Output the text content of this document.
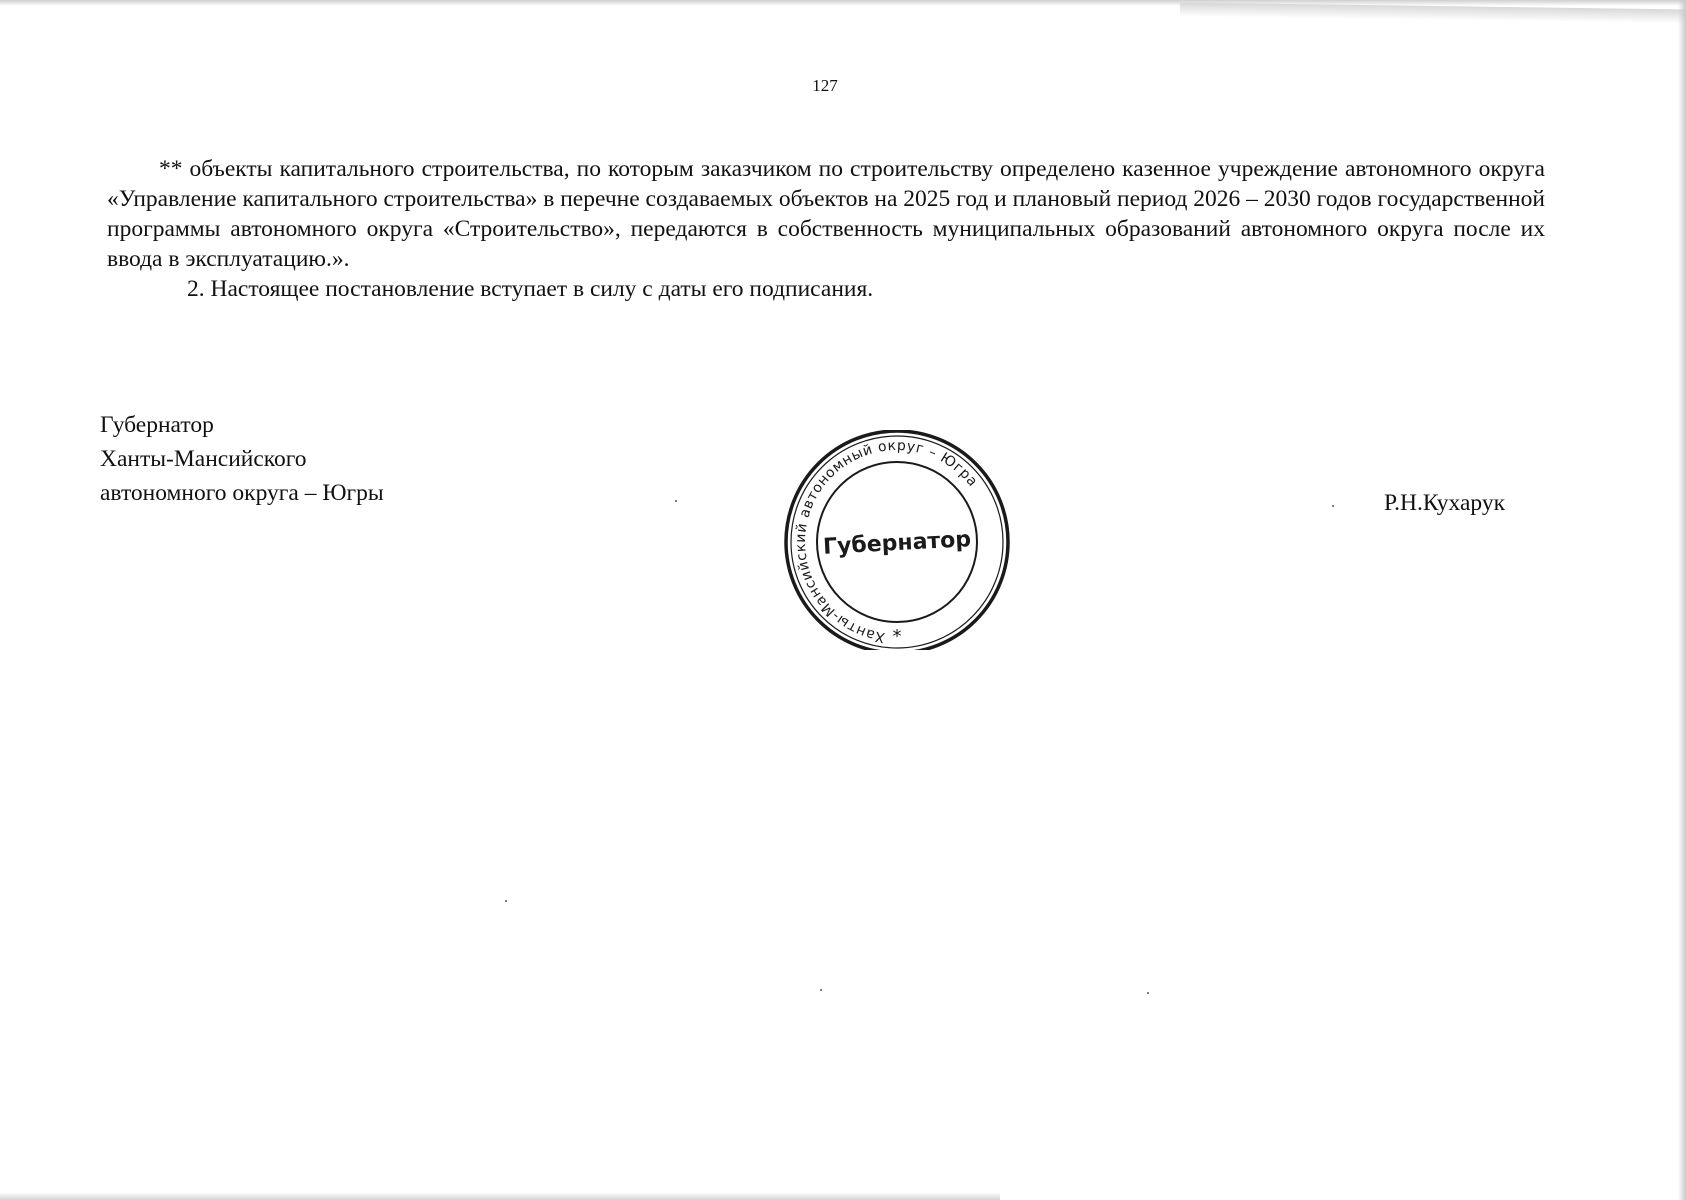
127

** объекты капитального строительства, по которым заказчиком по строительству определено казенное учреждение автономного округа «Управление капитального строительства» в перечне создаваемых объектов на 2025 год и плановый период 2026 – 2030 годов государственной программы автономного округа «Строительство», передаются в собственность муниципальных образований автономного округа после их ввода в эксплуатацию.».

2. Настоящее постановление вступает в силу с даты его подписания.

Губернатор
Ханты-Мансийского
автономного округа – Югры
Ханты-Мансийский автономный округ – Югра
Губернатор
*
Р.Н.Кухарук
